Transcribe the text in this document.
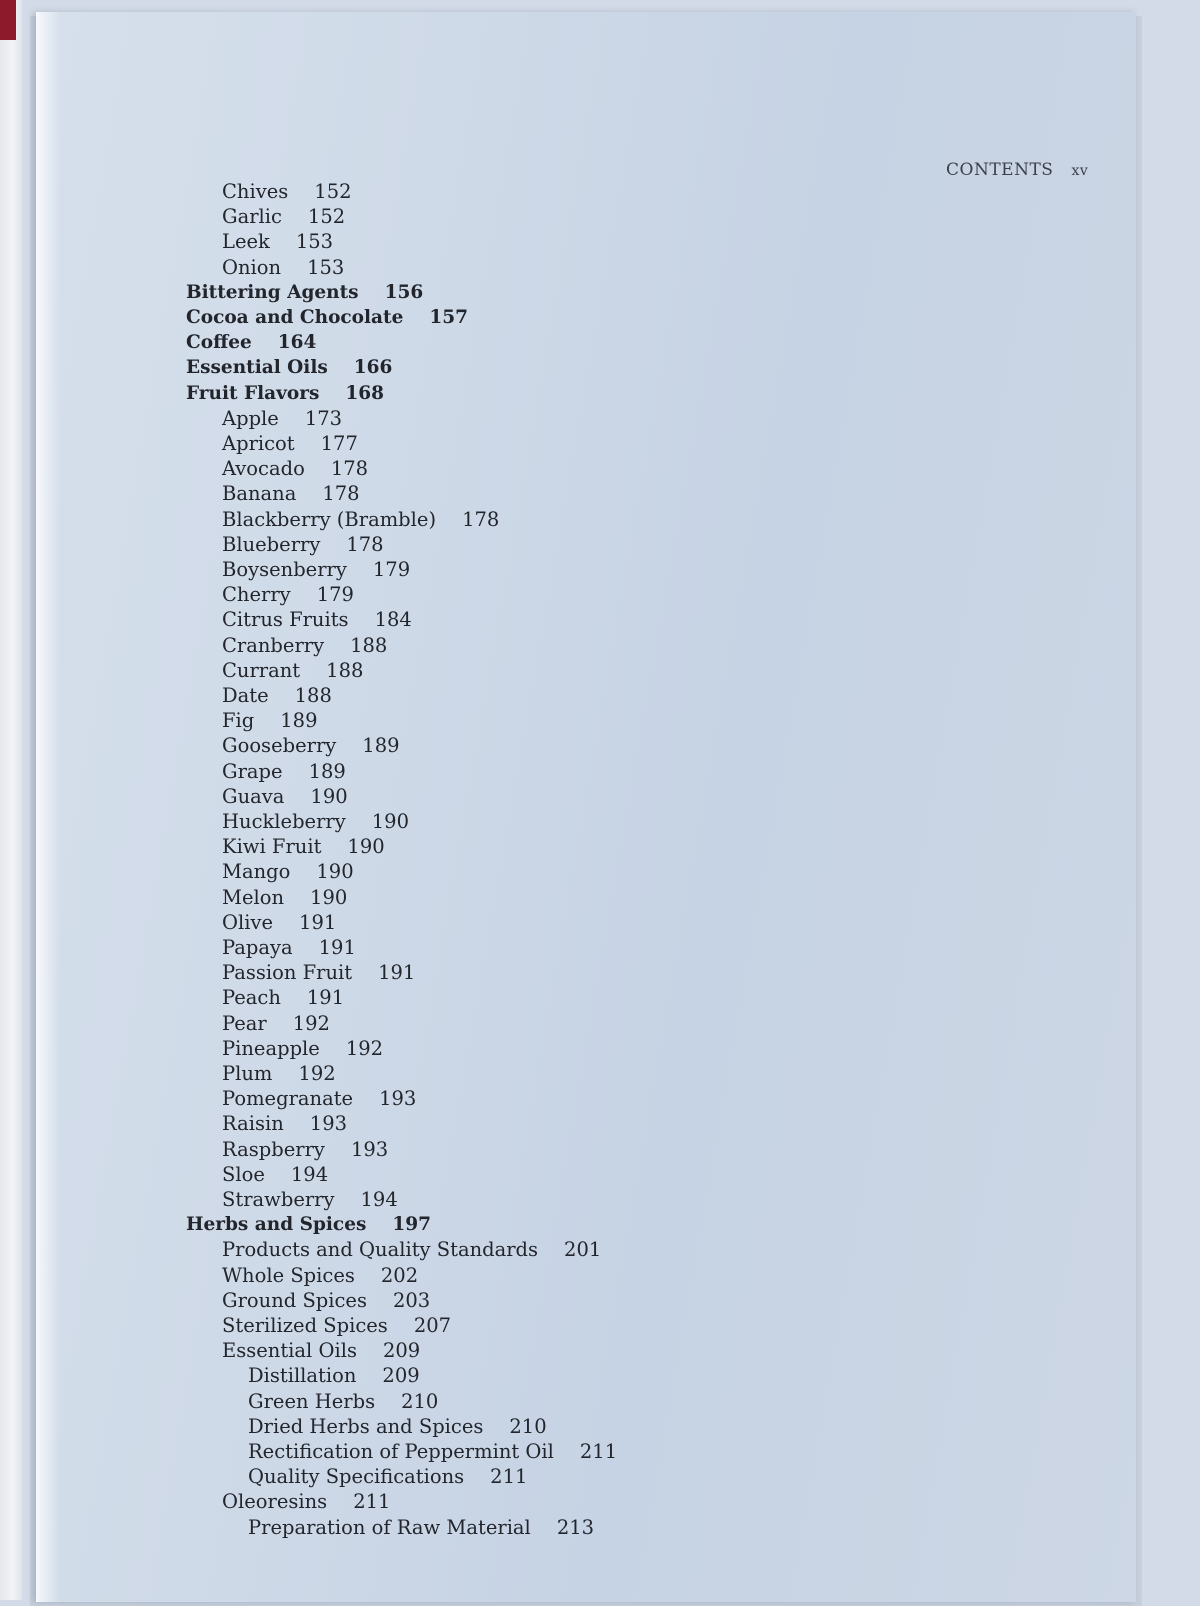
CONTENTS xv
Chives 152
Garlic 152
Leek 153
Onion 153
Bittering Agents 156
Cocoa and Chocolate 157
Coffee 164
Essential Oils 166
Fruit Flavors 168
Apple 173
Apricot 177
Avocado 178
Banana 178
Blackberry (Bramble) 178
Blueberry 178
Boysenberry 179
Cherry 179
Citrus Fruits 184
Cranberry 188
Currant 188
Date 188
Fig 189
Gooseberry 189
Grape 189
Guava 190
Huckleberry 190
Kiwi Fruit 190
Mango 190
Melon 190
Olive 191
Papaya 191
Passion Fruit 191
Peach 191
Pear 192
Pineapple 192
Plum 192
Pomegranate 193
Raisin 193
Raspberry 193
Sloe 194
Strawberry 194
Herbs and Spices 197
Products and Quality Standards 201
Whole Spices 202
Ground Spices 203
Sterilized Spices 207
Essential Oils 209
Distillation 209
Green Herbs 210
Dried Herbs and Spices 210
Rectification of Peppermint Oil 211
Quality Specifications 211
Oleoresins 211
Preparation of Raw Material 213
